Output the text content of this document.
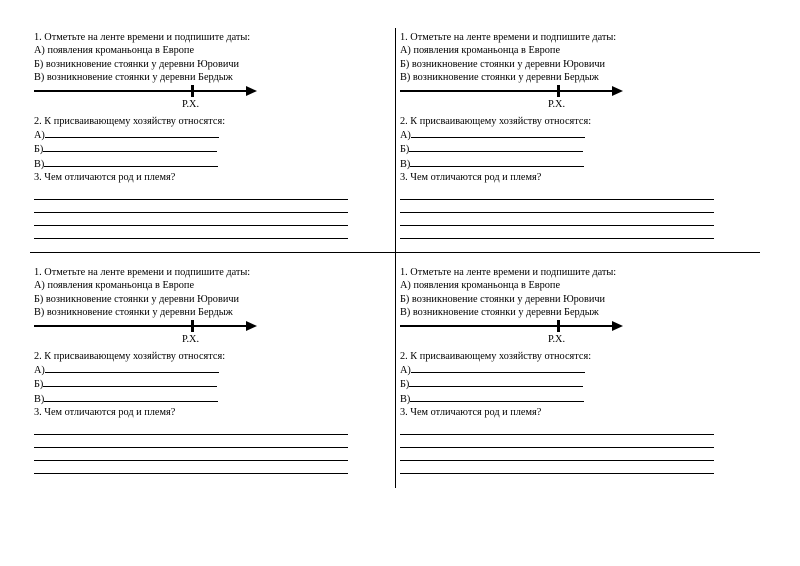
1. Отметьте на ленте времени и подпишите даты:
А) появления кроманьонца в Европе
Б) возникновение стоянки у деревни Юровичи
В) возникновение стоянки у деревни Бердыж
Р.Х.
2. К присваивающему хозяйству относятся:
А)
Б)
В)
3. Чем отличаются род и племя?
1. Отметьте на ленте времени и подпишите даты:
А) появления кроманьонца в Европе
Б) возникновение стоянки у деревни Юровичи
В) возникновение стоянки у деревни Бердыж
Р.Х.
2. К присваивающему хозяйству относятся:
А)
Б)
В)
3. Чем отличаются род и племя?
1. Отметьте на ленте времени и подпишите даты:
А) появления кроманьонца в Европе
Б) возникновение стоянки у деревни Юровичи
В) возникновение стоянки у деревни Бердыж
Р.Х.
2. К присваивающему хозяйству относятся:
А)
Б)
В)
3. Чем отличаются род и племя?
1. Отметьте на ленте времени и подпишите даты:
А) появления кроманьонца в Европе
Б) возникновение стоянки у деревни Юровичи
В) возникновение стоянки у деревни Бердыж
Р.Х.
2. К присваивающему хозяйству относятся:
А)
Б)
В)
3. Чем отличаются род и племя?
